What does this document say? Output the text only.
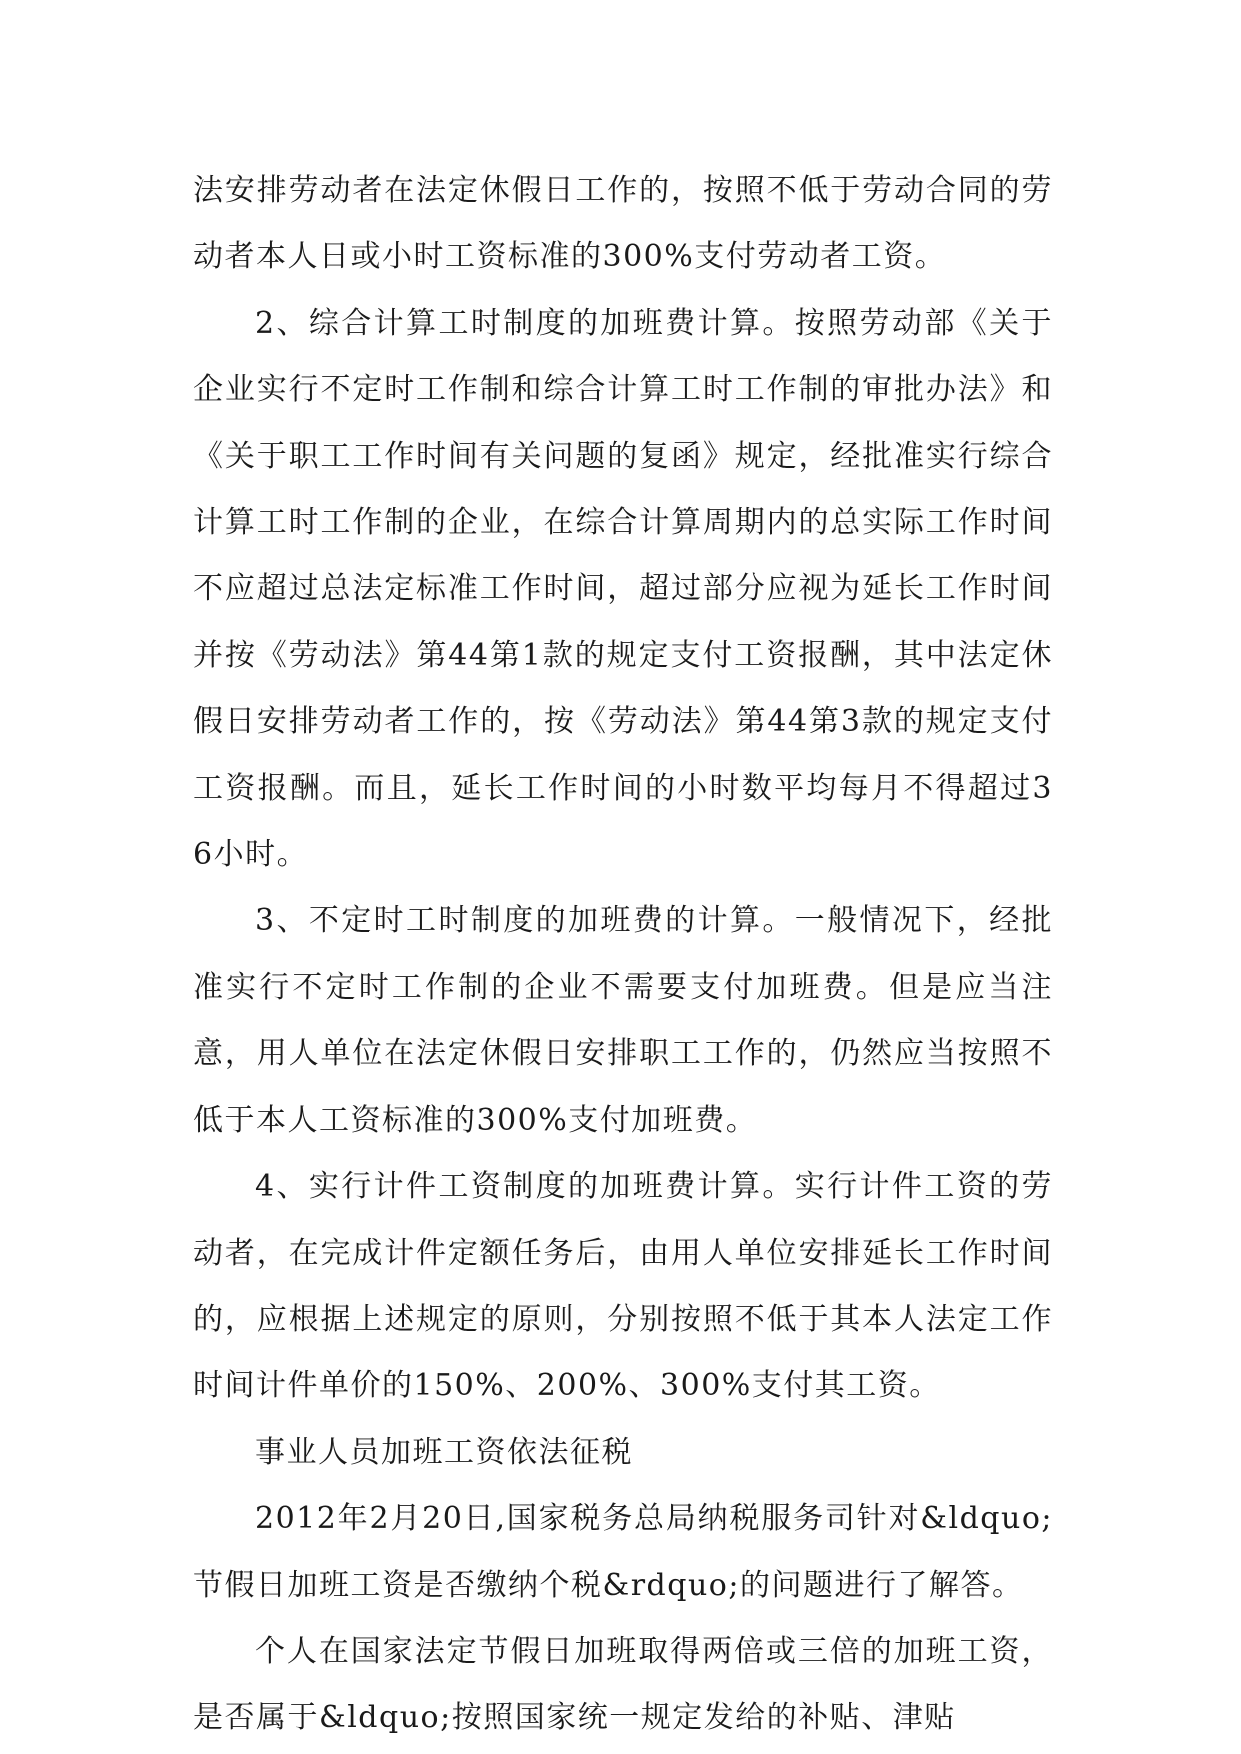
法安排劳动者在法定休假日工作的，按照不低于劳动合同的劳动者本人日或小时工资标准的300%支付劳动者工资。

2、综合计算工时制度的加班费计算。按照劳动部《关于企业实行不定时工作制和综合计算工时工作制的审批办法》和《关于职工工作时间有关问题的复函》规定，经批准实行综合计算工时工作制的企业，在综合计算周期内的总实际工作时间不应超过总法定标准工作时间，超过部分应视为延长工作时间并按《劳动法》第44第1款的规定支付工资报酬，其中法定休假日安排劳动者工作的，按《劳动法》第44第3款的规定支付工资报酬。而且，延长工作时间的小时数平均每月不得超过36小时。

3、不定时工时制度的加班费的计算。一般情况下，经批准实行不定时工作制的企业不需要支付加班费。但是应当注意，用人单位在法定休假日安排职工工作的，仍然应当按照不低于本人工资标准的300%支付加班费。

4、实行计件工资制度的加班费计算。实行计件工资的劳动者，在完成计件定额任务后，由用人单位安排延长工作时间的，应根据上述规定的原则，分别按照不低于其本人法定工作时间计件单价的150%、200%、300%支付其工资。

事业人员加班工资依法征税

2012年2月20日,国家税务总局纳税服务司针对&ldquo;节假日加班工资是否缴纳个税&rdquo;的问题进行了解答。

个人在国家法定节假日加班取得两倍或三倍的加班工资，是否属于&ldquo;按照国家统一规定发给的补贴、津贴
